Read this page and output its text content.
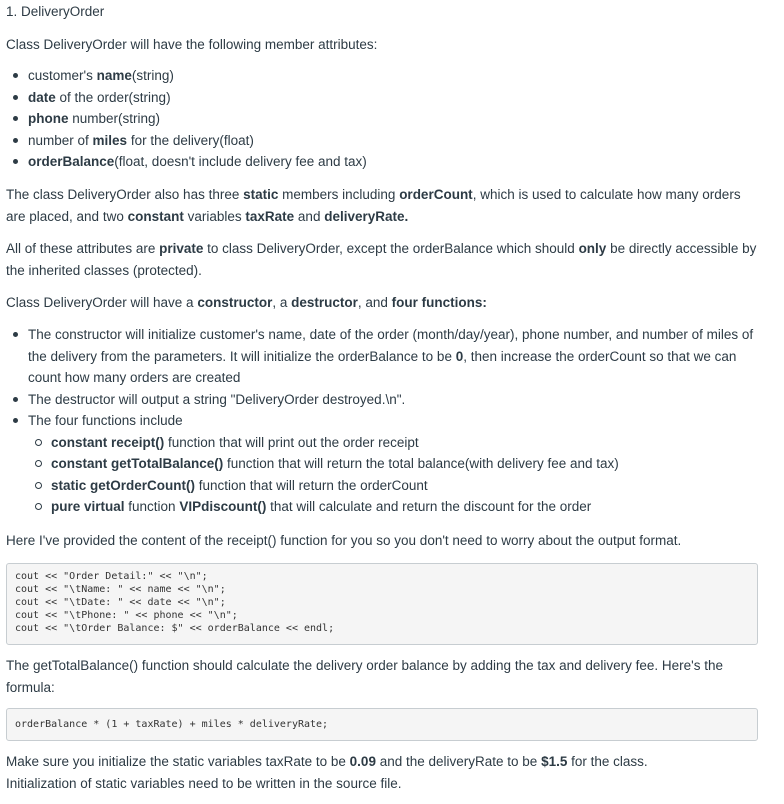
1. DeliveryOrder
Class DeliveryOrder will have the following member attributes:
customer's name(string)
date of the order(string)
phone number(string)
number of miles for the delivery(float)
orderBalance(float, doesn't include delivery fee and tax)
The class DeliveryOrder also has three static members including orderCount, which is used to calculate how many orders are placed, and two constant variables taxRate and deliveryRate.
All of these attributes are private to class DeliveryOrder, except the orderBalance which should only be directly accessible by the inherited classes (protected).
Class DeliveryOrder will have a constructor, a destructor, and four functions:
The constructor will initialize customer's name, date of the order (month/day/year), phone number, and number of miles of the delivery from the parameters. It will initialize the orderBalance to be 0, then increase the orderCount so that we can count how many orders are created
The destructor will output a string "DeliveryOrder destroyed.\n".
The four functions include
constant receipt() function that will print out the order receipt
constant getTotalBalance() function that will return the total balance(with delivery fee and tax)
static getOrderCount() function that will return the orderCount
pure virtual function VIPdiscount() that will calculate and return the discount for the order
Here I've provided the content of the receipt() function for you so you don't need to worry about the output format.
cout << "Order Detail:" << "\n";
cout << "\tName: " << name << "\n";
cout << "\tDate: " << date << "\n";
cout << "\tPhone: " << phone << "\n";
cout << "\tOrder Balance: $" << orderBalance << endl;
The getTotalBalance() function should calculate the delivery order balance by adding the tax and delivery fee. Here's the formula:
orderBalance * (1 + taxRate) + miles * deliveryRate;
Make sure you initialize the static variables taxRate to be 0.09 and the deliveryRate to be $1.5 for the class.
Initialization of static variables need to be written in the source file.
